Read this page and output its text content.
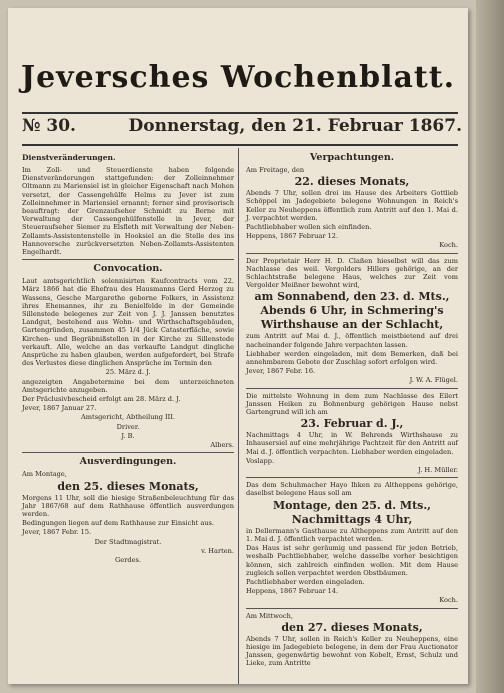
Jeversches Wochenblatt.
№ 30.	Donnerstag, den 21. Februar 1867.
Dienstveränderungen.

Im Zoll- und Steuerdienste haben folgende Dienstveränderungen stattgefunden: der Zolleinnehmer Oltmann zu Mariensiel ist in gleicher Eigenschaft nach Mohen versetzt, der Cassengehülfe Helms zu Jever ist zum Zolleinnehmer in Mariensiel ernannt; ferner sind provisorisch beauftragt: der Grenzaufseher Schmidt zu Berne mit Verwaltung der Cassengehülfenstelle in Jever, der Steueraufseher Siemer zu Elsfleth mit Verwaltung der Neben-Zollamts-Assistentenstelle in Hooksiel an die Stelle des ins Hannoversche zurückversetzten Neben-Zollamts-Assistenten Engelhardt.

Convocation.

Laut amtsgerichtlich solennisirten Kaufcontracts vom 22. März 1866 hat die Ehefrau des Hausmanns Gerd Herzog zu Wassens, Gesche Margarethe geborne Folkers, in Assistenz ihres Ehemannes, ihr zu Benielfelde in der Gemeinde Sillenstede belegenes zur Zeit von J. J. Janssen benutztes Landgut, bestehend aus Wohn- und Wirthschaftsgebäuden, Gartengründen, zusammen 45 1/4 Jück Catasterfläche, sowie Kirchen- und Begräbnißstellen in der Kirche zu Sillenstede verkauft. Alle, welche an das verkaufte Landgut dingliche Ansprüche zu haben glauben, werden aufgefordert, bei Strafe des Verlustes diese dinglichen Ansprüche im Termin den

25. März d. J.

angezeigten Angabetermine bei dem unterzeichneten Amtsgerichte anzugeben.

Der Präclusivbescheid erfolgt am 28. März d. J.

Jever, 1867 Januar 27.

Amtsgericht, Abtheilung III.
Driver.
J. B.
Albers.
Ausverdingungen.

Am Montage,

den 25. dieses Monats,

Morgens 11 Uhr, soll die hiesige Straßenbeleuchtung für das Jahr 1867/68 auf dem Rathhause öffentlich ausverdungen werden.

Bedingungen liegen auf dem Rathhause zur Einsicht aus.

Jever, 1867 Febr. 15.

Der Stadtmagistrat.
v. Harten.
Gerdes.
Verpachtungen.

Am Freitage, den

22. dieses Monats,

Abends 7 Uhr, sollen drei im Hause des Arbeiters Gottlieb Schöppel im Jadegebiete belegene Wohnungen in Reich's Keller zu Neuheppens öffentlich zum Antritt auf den 1. Mai d. J. verpachtet werden.

Pachtliebhaber wollen sich einfinden.

Heppens, 1867 Februar 12.

Koch.

Der Proprietair Herr H. D. Claßen hieselbst will das zum Nachlasse des weil. Vergolders Hillers gehörige, an der Schlachtstraße belegene Haus, welches zur Zeit vom Vergolder Meißner bewohnt wird,

am Sonnabend, den 23. d. Mts.,
Abends 6 Uhr, in Schmering's
Wirthshause an der Schlacht,

zum Antritt auf Mai d. J., öffentlich meistbietend auf drei nacheinander folgende Jahre verpachten lassen.

Liebhaber werden eingeladen, mit dem Bemerken, daß bei annehmbarem Gebote der Zuschlag sofort erfolgen wird.

Jever, 1867 Febr. 16.

J. W. A. Flügel.

Die mittelste Wohnung in dem zum Nachlasse des Eilert Janssen Heiken zu Bohnenburg gehörigen Hause nebst Gartengrund will ich am

23. Februar d. J.,

Nachmittags 4 Uhr, in W. Behrends Wirthshause zu Inhausersiel auf eine mehrjährige Pachtzeit für den Antritt auf Mai d. J. öffentlich verpachten. Liebhaber werden eingeladen.

Voslapp.

J. H. Müller.

Das dem Schuhmacher Hayo Ihken zu Altheppens gehörige, daselbst belegene Haus soll am

Montage, den 25. d. Mts.,
Nachmittags 4 Uhr,

in Dellermann's Gasthause zu Altheppens zum Antritt auf den 1. Mai d. J. öffentlich verpachtet werden.

Das Haus ist sehr geräumig und passend für jeden Betrieb, weshalb Pachtliebhaber, welche dasselbe vorher besichtigen können, sich zahlreich einfinden wollen. Mit dem Hause zugleich sollen verpachtet werden Obstbäumen.

Pachtliebhaber werden eingeladen.

Heppens, 1867 Februar 14.

Koch.

Am Mittwoch,

den 27. dieses Monats,

Abends 7 Uhr, sollen in Reich's Keller zu Neuheppens, eine hiesige im Jadegebiete belegene, in dem der Frau Auctionator Janssen, gegenwärtig bewohnt von Kobelt, Ernst, Schulz und Lieke, zum Antritte
